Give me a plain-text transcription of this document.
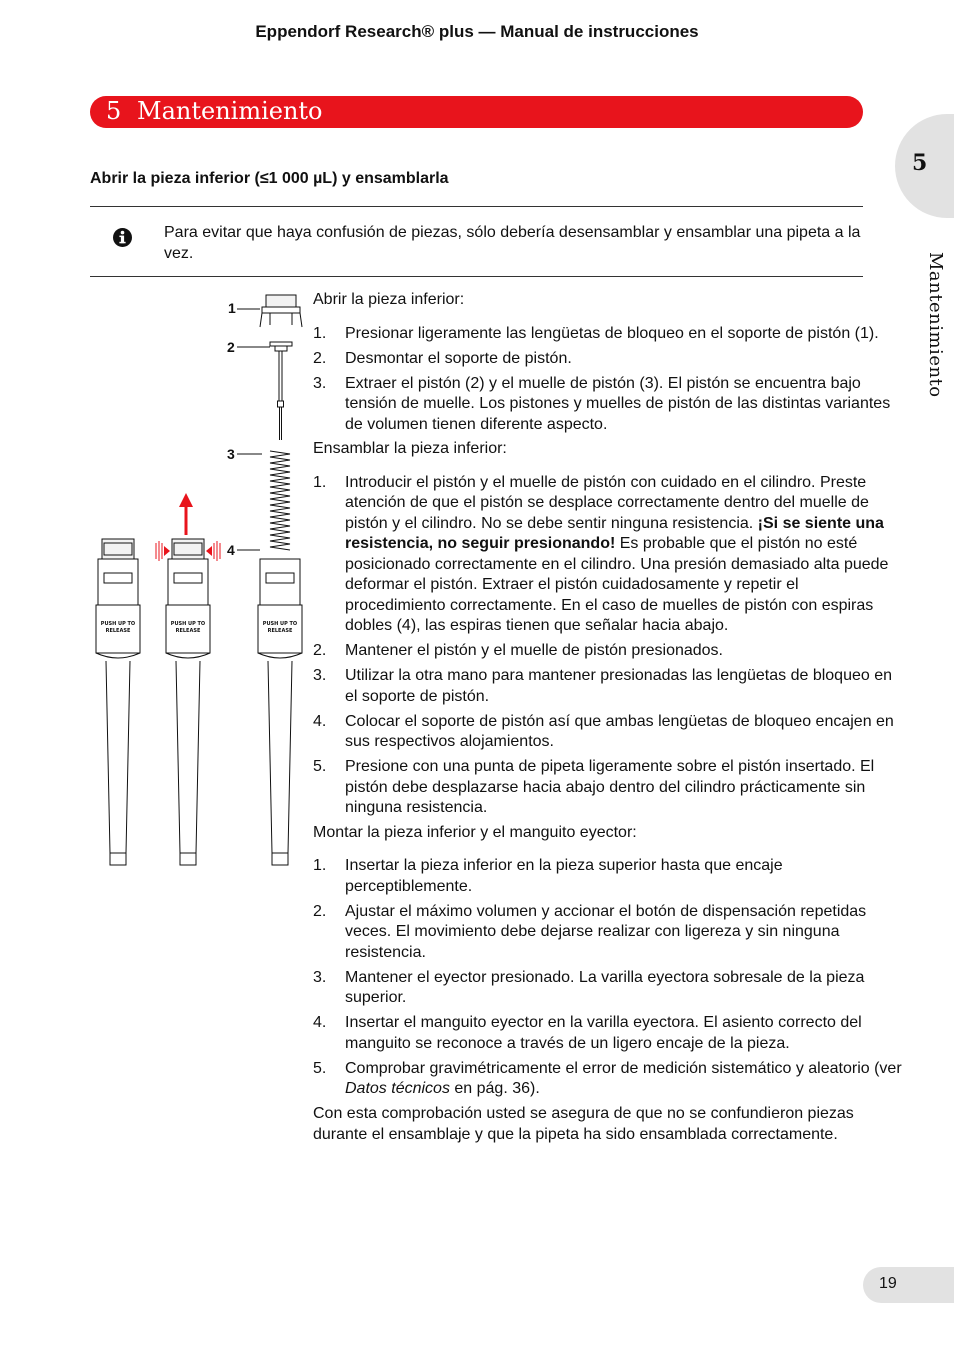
Eppendorf Research® plus — Manual de instrucciones
5 Mantenimiento
5
Mantenimiento
Abrir la pieza inferior (≤1 000 µL) y ensamblarla
Para evitar que haya confusión de piezas, sólo debería desensamblar y ensamblar una pipeta a la vez.
1
2
3
4
PUSH UP TO
RELEASE
PUSH UP TO
RELEASE
PUSH UP TO
RELEASE

Abrir la pieza inferior:

1. Presionar ligeramente las lengüetas de bloqueo en el soporte de pistón (1).
2. Desmontar el soporte de pistón.
3. Extraer el pistón (2) y el muelle de pistón (3). El pistón se encuentra bajo tensión de muelle. Los pistones y muelles de pistón de las distintas variantes de volumen tienen diferente aspecto.

Ensamblar la pieza inferior:

1. Introducir el pistón y el muelle de pistón con cuidado en el cilindro. Preste atención de que el pistón se desplace correctamente dentro del muelle de pistón y el cilindro. No se debe sentir ninguna resistencia. ¡Si se siente una resistencia, no seguir presionando! Es probable que el pistón no esté posicionado correctamente en el cilindro. Una presión demasiado alta puede deformar el pistón. Extraer el pistón cuidadosamente y repetir el procedimiento correctamente. En el caso de muelles de pistón con espiras dobles (4), las espiras tienen que señalar hacia abajo.
2. Mantener el pistón y el muelle de pistón presionados.
3. Utilizar la otra mano para mantener presionadas las lengüetas de bloqueo en el soporte de pistón.
4. Colocar el soporte de pistón así que ambas lengüetas de bloqueo encajen en sus respectivos alojamientos.
5. Presione con una punta de pipeta ligeramente sobre el pistón insertado. El pistón debe desplazarse hacia abajo dentro del cilindro prácticamente sin ninguna resistencia.

Montar la pieza inferior y el manguito eyector:

1. Insertar la pieza inferior en la pieza superior hasta que encaje perceptiblemente.
2. Ajustar el máximo volumen y accionar el botón de dispensación repetidas veces. El movimiento debe dejarse realizar con ligereza y sin ninguna resistencia.
3. Mantener el eyector presionado. La varilla eyectora sobresale de la pieza superior.
4. Insertar el manguito eyector en la varilla eyectora. El asiento correcto del manguito se reconoce a través de un ligero encaje de la pieza.
5. Comprobar gravimétricamente el error de medición sistemático y aleatorio (ver Datos técnicos en pág. 36).

Con esta comprobación usted se asegura de que no se confundieron piezas durante el ensamblaje y que la pipeta ha sido ensamblada correctamente.

19
